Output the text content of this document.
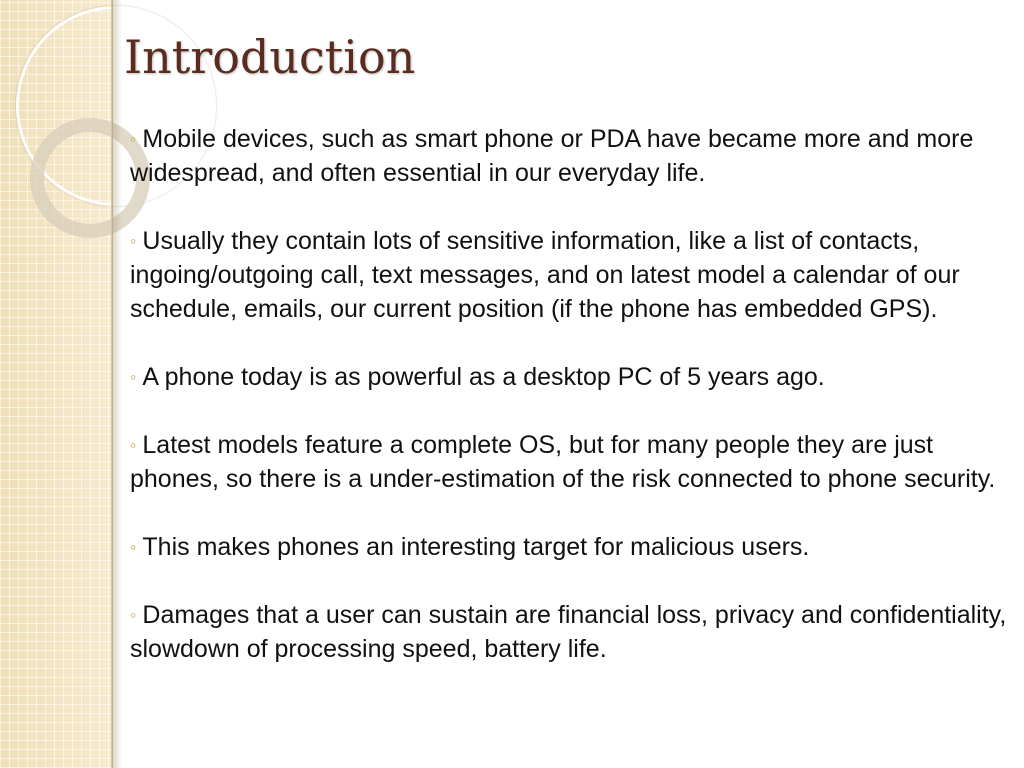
Introduction

◦ Mobile devices, such as smart phone or PDA have became more and more widespread, and often essential in our everyday life.

◦ Usually they contain lots of sensitive information, like a list of contacts, ingoing/outgoing call, text messages, and on latest model a calendar of our schedule, emails, our current position (if the phone has embedded GPS).

◦ A phone today is as powerful as a desktop PC of 5 years ago.

◦ Latest models feature a complete OS, but for many people they are just phones, so there is a under-estimation of the risk connected to phone security.

◦ This makes phones an interesting target for malicious users.

◦ Damages that a user can sustain are financial loss, privacy and confidentiality, slowdown of processing speed, battery life.
